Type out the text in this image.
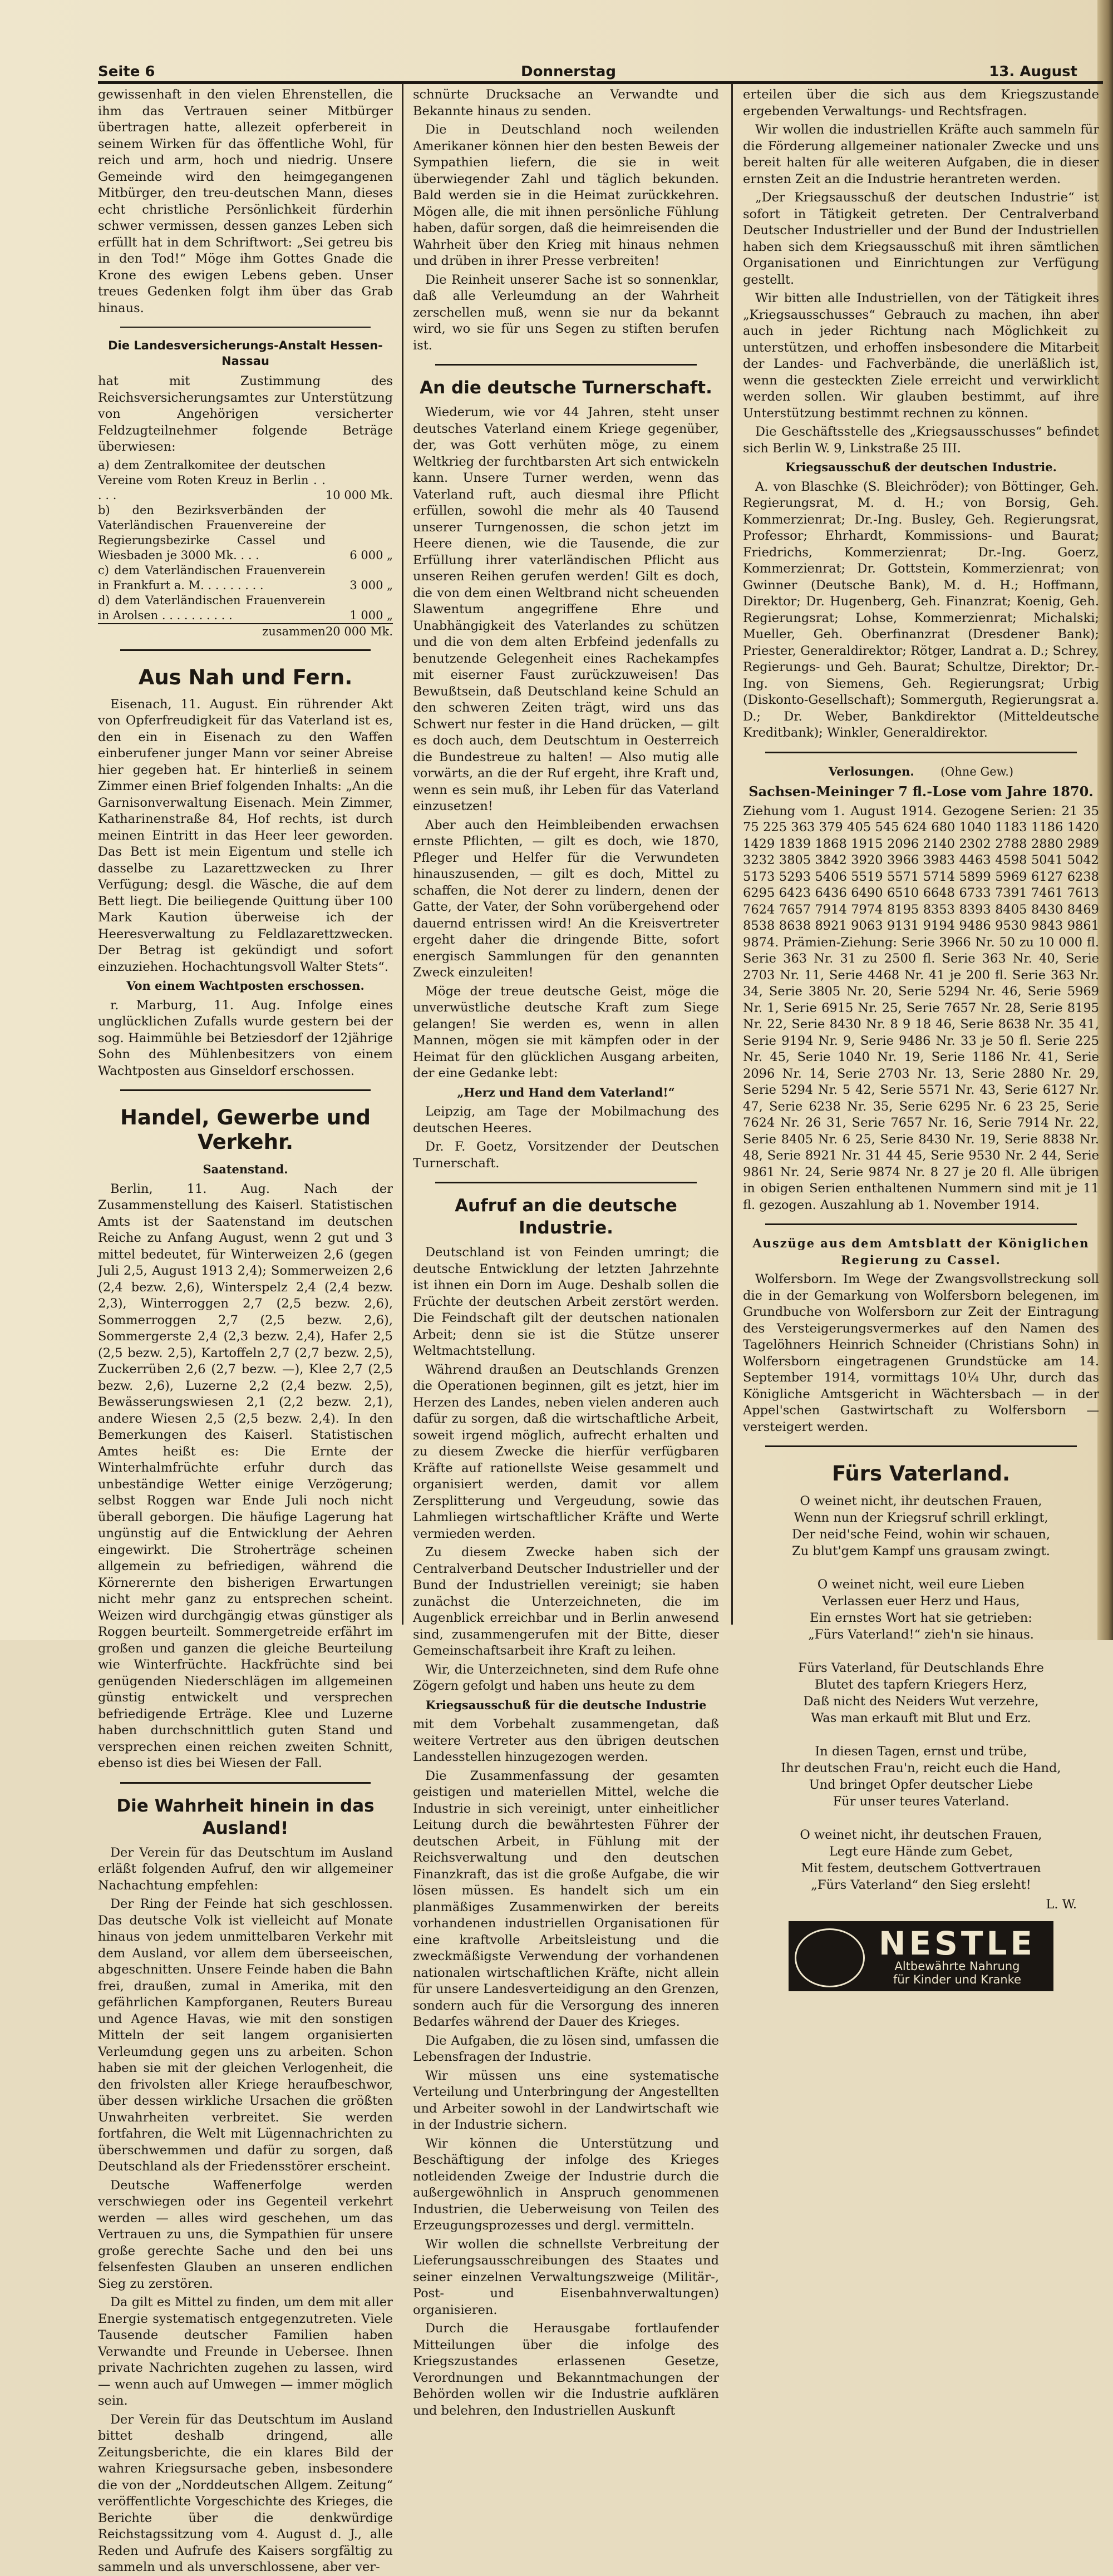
Seite 6	Donnerstag	13. August

gewissenhaft in den vielen Ehrenstellen, die ihm das Vertrauen seiner Mitbürger übertragen hatte, allezeit opferbereit in seinem Wirken für das öffentliche Wohl, für reich und arm, hoch und niedrig. Unsere Gemeinde wird den heimgegangenen Mitbürger, den treu-deutschen Mann, dieses echt christliche Persönlichkeit fürderhin schwer vermissen, dessen ganzes Leben sich erfüllt hat in dem Schriftwort: „Sei getreu bis in den Tod!“ Möge ihm Gottes Gnade die Krone des ewigen Lebens geben. Unser treues Gedenken folgt ihm über das Grab hinaus.

Die Landesversicherungs-Anstalt Hessen-Nassau

hat mit Zustimmung des Reichsversicherungsamtes zur Unterstützung von Angehörigen versicherter Feldzugteilnehmer folgende Beträge überwiesen:

a) dem Zentralkomitee der deutschen Vereine vom Roten Kreuz in Berlin . . . . .	10 000 Mk.
b) den Bezirksverbänden der Vaterländischen Frauenvereine der Regierungsbezirke Cassel und Wiesbaden je 3000 Mk. . . .	6 000 „
c) dem Vaterländischen Frauenverein in Frankfurt a. M. . . . . . . . .	3 000 „
d) dem Vaterländischen Frauenverein in Arolsen . . . . . . . . . .	1 000 „
zusammen	20 000 Mk.
Aus Nah und Fern.

Eisenach, 11. August. Ein rührender Akt von Opferfreudigkeit für das Vaterland ist es, den ein in Eisenach zu den Waffen einberufener junger Mann vor seiner Abreise hier gegeben hat. Er hinterließ in seinem Zimmer einen Brief folgenden Inhalts: „An die Garnisonverwaltung Eisenach. Mein Zimmer, Katharinenstraße 84, Hof rechts, ist durch meinen Eintritt in das Heer leer geworden. Das Bett ist mein Eigentum und stelle ich dasselbe zu Lazarettzwecken zu Ihrer Verfügung; desgl. die Wäsche, die auf dem Bett liegt. Die beiliegende Quittung über 100 Mark Kaution überweise ich der Heeresverwaltung zu Feldlazarettzwecken. Der Betrag ist gekündigt und sofort einzuziehen. Hochachtungsvoll Walter Stets“.

Von einem Wachtposten erschossen.

r. Marburg, 11. Aug. Infolge eines unglücklichen Zufalls wurde gestern bei der sog. Haimmühle bei Betziesdorf der 12jährige Sohn des Mühlenbesitzers von einem Wachtposten aus Ginseldorf erschossen.

Handel, Gewerbe und Verkehr.
Saatenstand.

Berlin, 11. Aug. Nach der Zusammenstellung des Kaiserl. Statistischen Amts ist der Saatenstand im deutschen Reiche zu Anfang August, wenn 2 gut und 3 mittel bedeutet, für Winterweizen 2,6 (gegen Juli 2,5, August 1913 2,4); Sommerweizen 2,6 (2,4 bezw. 2,6), Winterspelz 2,4 (2,4 bezw. 2,3), Winterroggen 2,7 (2,5 bezw. 2,6), Sommerroggen 2,7 (2,5 bezw. 2,6), Sommergerste 2,4 (2,3 bezw. 2,4), Hafer 2,5 (2,5 bezw. 2,5), Kartoffeln 2,7 (2,7 bezw. 2,5), Zuckerrüben 2,6 (2,7 bezw. —), Klee 2,7 (2,5 bezw. 2,6), Luzerne 2,2 (2,4 bezw. 2,5), Bewässerungswiesen 2,1 (2,2 bezw. 2,1), andere Wiesen 2,5 (2,5 bezw. 2,4). In den Bemerkungen des Kaiserl. Statistischen Amtes heißt es: Die Ernte der Winterhalmfrüchte erfuhr durch das unbeständige Wetter einige Verzögerung; selbst Roggen war Ende Juli noch nicht überall geborgen. Die häufige Lagerung hat ungünstig auf die Entwicklung der Aehren eingewirkt. Die Stroherträge scheinen allgemein zu befriedigen, während die Körnerernte den bisherigen Erwartungen nicht mehr ganz zu entsprechen scheint. Weizen wird durchgängig etwas günstiger als Roggen beurteilt. Sommergetreide erfährt im großen und ganzen die gleiche Beurteilung wie Winterfrüchte. Hackfrüchte sind bei genügenden Niederschlägen im allgemeinen günstig entwickelt und versprechen befriedigende Erträge. Klee und Luzerne haben durchschnittlich guten Stand und versprechen einen reichen zweiten Schnitt, ebenso ist dies bei Wiesen der Fall.

Die Wahrheit hinein in das Ausland!

Der Verein für das Deutschtum im Ausland erläßt folgenden Aufruf, den wir allgemeiner Nachachtung empfehlen:

Der Ring der Feinde hat sich geschlossen. Das deutsche Volk ist vielleicht auf Monate hinaus von jedem unmittelbaren Verkehr mit dem Ausland, vor allem dem überseeischen, abgeschnitten. Unsere Feinde haben die Bahn frei, draußen, zumal in Amerika, mit den gefährlichen Kampforganen, Reuters Bureau und Agence Havas, wie mit den sonstigen Mitteln der seit langem organisierten Verleumdung gegen uns zu arbeiten. Schon haben sie mit der gleichen Verlogenheit, die den frivolsten aller Kriege heraufbeschwor, über dessen wirkliche Ursachen die größten Unwahrheiten verbreitet. Sie werden fortfahren, die Welt mit Lügennachrichten zu überschwemmen und dafür zu sorgen, daß Deutschland als der Friedensstörer erscheint.

Deutsche Waffenerfolge werden verschwiegen oder ins Gegenteil verkehrt werden — alles wird geschehen, um das Vertrauen zu uns, die Sympathien für unsere große gerechte Sache und den bei uns felsenfesten Glauben an unseren endlichen Sieg zu zerstören.

Da gilt es Mittel zu finden, um dem mit aller Energie systematisch entgegenzutreten. Viele Tausende deutscher Familien haben Verwandte und Freunde in Uebersee. Ihnen private Nachrichten zugehen zu lassen, wird — wenn auch auf Umwegen — immer möglich sein.

Der Verein für das Deutschtum im Ausland bittet deshalb dringend, alle Zeitungsberichte, die ein klares Bild der wahren Kriegsursache geben, insbesondere die von der „Norddeutschen Allgem. Zeitung“ veröffentlichte Vorgeschichte des Krieges, die Berichte über die denkwürdige Reichstagssitzung vom 4. August d. J., alle Reden und Aufrufe des Kaisers sorgfältig zu sammeln und als unverschlossene, aber ver-

schnürte Drucksache an Verwandte und Bekannte hinaus zu senden.

Die in Deutschland noch weilenden Amerikaner können hier den besten Beweis der Sympathien liefern, die sie in weit überwiegender Zahl und täglich bekunden. Bald werden sie in die Heimat zurückkehren. Mögen alle, die mit ihnen persönliche Fühlung haben, dafür sorgen, daß die heimreisenden die Wahrheit über den Krieg mit hinaus nehmen und drüben in ihrer Presse verbreiten!

Die Reinheit unserer Sache ist so sonnenklar, daß alle Verleumdung an der Wahrheit zerschellen muß, wenn sie nur da bekannt wird, wo sie für uns Segen zu stiften berufen ist.

An die deutsche Turnerschaft.

Wiederum, wie vor 44 Jahren, steht unser deutsches Vaterland einem Kriege gegenüber, der, was Gott verhüten möge, zu einem Weltkrieg der furchtbarsten Art sich entwickeln kann. Unsere Turner werden, wenn das Vaterland ruft, auch diesmal ihre Pflicht erfüllen, sowohl die mehr als 40 Tausend unserer Turngenossen, die schon jetzt im Heere dienen, wie die Tausende, die zur Erfüllung ihrer vaterländischen Pflicht aus unseren Reihen gerufen werden! Gilt es doch, die von dem einen Weltbrand nicht scheuenden Slawentum angegriffene Ehre und Unabhängigkeit des Vaterlandes zu schützen und die von dem alten Erbfeind jedenfalls zu benutzende Gelegenheit eines Rachekampfes mit eiserner Faust zurückzuweisen! Das Bewußtsein, daß Deutschland keine Schuld an den schweren Zeiten trägt, wird uns das Schwert nur fester in die Hand drücken, — gilt es doch auch, dem Deutschtum in Oesterreich die Bundestreue zu halten! — Also mutig alle vorwärts, an die der Ruf ergeht, ihre Kraft und, wenn es sein muß, ihr Leben für das Vaterland einzusetzen!

Aber auch den Heimbleibenden erwachsen ernste Pflichten, — gilt es doch, wie 1870, Pfleger und Helfer für die Verwundeten hinauszusenden, — gilt es doch, Mittel zu schaffen, die Not derer zu lindern, denen der Gatte, der Vater, der Sohn vorübergehend oder dauernd entrissen wird! An die Kreisvertreter ergeht daher die dringende Bitte, sofort energisch Sammlungen für den genannten Zweck einzuleiten!

Möge der treue deutsche Geist, möge die unverwüstliche deutsche Kraft zum Siege gelangen! Sie werden es, wenn in allen Mannen, mögen sie mit kämpfen oder in der Heimat für den glücklichen Ausgang arbeiten, der eine Gedanke lebt:

„Herz und Hand dem Vaterland!“

Leipzig, am Tage der Mobilmachung des deutschen Heeres.

Dr. F. Goetz, Vorsitzender der Deutschen Turnerschaft.

Aufruf an die deutsche Industrie.

Deutschland ist von Feinden umringt; die deutsche Entwicklung der letzten Jahrzehnte ist ihnen ein Dorn im Auge. Deshalb sollen die Früchte der deutschen Arbeit zerstört werden. Die Feindschaft gilt der deutschen nationalen Arbeit; denn sie ist die Stütze unserer Weltmachtstellung.

Während draußen an Deutschlands Grenzen die Operationen beginnen, gilt es jetzt, hier im Herzen des Landes, neben vielen anderen auch dafür zu sorgen, daß die wirtschaftliche Arbeit, soweit irgend möglich, aufrecht erhalten und zu diesem Zwecke die hierfür verfügbaren Kräfte auf rationellste Weise gesammelt und organisiert werden, damit vor allem Zersplitterung und Vergeudung, sowie das Lahmliegen wirtschaftlicher Kräfte und Werte vermieden werden.

Zu diesem Zwecke haben sich der Centralverband Deutscher Industrieller und der Bund der Industriellen vereinigt; sie haben zunächst die Unterzeichneten, die im Augenblick erreichbar und in Berlin anwesend sind, zusammengerufen mit der Bitte, dieser Gemeinschaftsarbeit ihre Kraft zu leihen.

Wir, die Unterzeichneten, sind dem Rufe ohne Zögern gefolgt und haben uns heute zu dem

Kriegsausschuß für die deutsche Industrie

mit dem Vorbehalt zusammengetan, daß weitere Vertreter aus den übrigen deutschen Landesstellen hinzugezogen werden.

Die Zusammenfassung der gesamten geistigen und materiellen Mittel, welche die Industrie in sich vereinigt, unter einheitlicher Leitung durch die bewährtesten Führer der deutschen Arbeit, in Fühlung mit der Reichsverwaltung und den deutschen Finanzkraft, das ist die große Aufgabe, die wir lösen müssen. Es handelt sich um ein planmäßiges Zusammenwirken der bereits vorhandenen industriellen Organisationen für eine kraftvolle Arbeitsleistung und die zweckmäßigste Verwendung der vorhandenen nationalen wirtschaftlichen Kräfte, nicht allein für unsere Landesverteidigung an den Grenzen, sondern auch für die Versorgung des inneren Bedarfes während der Dauer des Krieges.

Die Aufgaben, die zu lösen sind, umfassen die Lebensfragen der Industrie.

Wir müssen uns eine systematische Verteilung und Unterbringung der Angestellten und Arbeiter sowohl in der Landwirtschaft wie in der Industrie sichern.

Wir können die Unterstützung und Beschäftigung der infolge des Krieges notleidenden Zweige der Industrie durch die außergewöhnlich in Anspruch genommenen Industrien, die Ueberweisung von Teilen des Erzeugungsprozesses und dergl. vermitteln.

Wir wollen die schnellste Verbreitung der Lieferungsausschreibungen des Staates und seiner einzelnen Verwaltungszweige (Militär-, Post- und Eisenbahnverwaltungen) organisieren.

Durch die Herausgabe fortlaufender Mitteilungen über die infolge des Kriegszustandes erlassenen Gesetze, Verordnungen und Bekanntmachungen der Behörden wollen wir die Industrie aufklären und belehren, den Industriellen Auskunft

erteilen über die sich aus dem Kriegszustande ergebenden Verwaltungs- und Rechtsfragen.

Wir wollen die industriellen Kräfte auch sammeln für die Förderung allgemeiner nationaler Zwecke und uns bereit halten für alle weiteren Aufgaben, die in dieser ernsten Zeit an die Industrie herantreten werden.

„Der Kriegsausschuß der deutschen Industrie“ ist sofort in Tätigkeit getreten. Der Centralverband Deutscher Industrieller und der Bund der Industriellen haben sich dem Kriegsausschuß mit ihren sämtlichen Organisationen und Einrichtungen zur Verfügung gestellt.

Wir bitten alle Industriellen, von der Tätigkeit ihres „Kriegsausschusses“ Gebrauch zu machen, ihn aber auch in jeder Richtung nach Möglichkeit zu unterstützen, und erhoffen insbesondere die Mitarbeit der Landes- und Fachverbände, die unerläßlich ist, wenn die gesteckten Ziele erreicht und verwirklicht werden sollen. Wir glauben bestimmt, auf ihre Unterstützung bestimmt rechnen zu können.

Die Geschäftsstelle des „Kriegsausschusses“ befindet sich Berlin W. 9, Linkstraße 25 III.

Kriegsausschuß der deutschen Industrie.

A. von Blaschke (S. Bleichröder); von Böttinger, Geh. Regierungsrat, M. d. H.; von Borsig, Geh. Kommerzienrat; Dr.-Ing. Busley, Geh. Regierungsrat, Professor; Ehrhardt, Kommissions- und Baurat; Friedrichs, Kommerzienrat; Dr.-Ing. Goerz, Kommerzienrat; Dr. Gottstein, Kommerzienrat; von Gwinner (Deutsche Bank), M. d. H.; Hoffmann, Direktor; Dr. Hugenberg, Geh. Finanzrat; Koenig, Geh. Regierungsrat; Lohse, Kommerzienrat; Michalski; Mueller, Geh. Oberfinanzrat (Dresdener Bank); Priester, Generaldirektor; Rötger, Landrat a. D.; Schrey, Regierungs- und Geh. Baurat; Schultze, Direktor; Dr.-Ing. von Siemens, Geh. Regierungsrat; Urbig (Diskonto-Gesellschaft); Sommerguth, Regierungsrat a. D.; Dr. Weber, Bankdirektor (Mitteldeutsche Kreditbank); Winkler, Generaldirektor.

Verlosungen. (Ohne Gew.)
Sachsen-Meininger 7 fl.-Lose vom Jahre 1870.

Ziehung vom 1. August 1914. Gezogene Serien: 21 35 75 225 363 379 405 545 624 680 1040 1183 1186 1420 1429 1839 1868 1915 2096 2140 2302 2788 2880 2989 3232 3805 3842 3920 3966 3983 4463 4598 5041 5042 5173 5293 5406 5519 5571 5714 5899 5969 6127 6238 6295 6423 6436 6490 6510 6648 6733 7391 7461 7613 7624 7657 7914 7974 8195 8353 8393 8405 8430 8469 8538 8638 8921 9063 9131 9194 9486 9530 9843 9861 9874. Prämien-Ziehung: Serie 3966 Nr. 50 zu 10 000 fl. Serie 363 Nr. 31 zu 2500 fl. Serie 363 Nr. 40, Serie 2703 Nr. 11, Serie 4468 Nr. 41 je 200 fl. Serie 363 Nr. 34, Serie 3805 Nr. 20, Serie 5294 Nr. 46, Serie 5969 Nr. 1, Serie 6915 Nr. 25, Serie 7657 Nr. 28, Serie 8195 Nr. 22, Serie 8430 Nr. 8 9 18 46, Serie 8638 Nr. 35 41, Serie 9194 Nr. 9, Serie 9486 Nr. 33 je 50 fl. Serie 225 Nr. 45, Serie 1040 Nr. 19, Serie 1186 Nr. 41, Serie 2096 Nr. 14, Serie 2703 Nr. 13, Serie 2880 Nr. 29, Serie 5294 Nr. 5 42, Serie 5571 Nr. 43, Serie 6127 Nr. 47, Serie 6238 Nr. 35, Serie 6295 Nr. 6 23 25, Serie 7624 Nr. 26 31, Serie 7657 Nr. 16, Serie 7914 Nr. 22, Serie 8405 Nr. 6 25, Serie 8430 Nr. 19, Serie 8838 Nr. 48, Serie 8921 Nr. 31 44 45, Serie 9530 Nr. 2 44, Serie 9861 Nr. 24, Serie 9874 Nr. 8 27 je 20 fl. Alle übrigen in obigen Serien enthaltenen Nummern sind mit je 11 fl. gezogen. Auszahlung ab 1. November 1914.

Auszüge aus dem Amtsblatt der Königlichen Regierung zu Cassel.

Wolfersborn. Im Wege der Zwangsvollstreckung soll die in der Gemarkung von Wolfersborn belegenen, im Grundbuche von Wolfersborn zur Zeit der Eintragung des Versteigerungsvermerkes auf den Namen des Tagelöhners Heinrich Schneider (Christians Sohn) in Wolfersborn eingetragenen Grundstücke am 14. September 1914, vormittags 10¼ Uhr, durch das Königliche Amtsgericht in Wächtersbach — in der Appel'schen Gastwirtschaft zu Wolfersborn — versteigert werden.

Fürs Vaterland.

O weinet nicht, ihr deutschen Frauen,

Wenn nun der Kriegsruf schrill erklingt,

Der neid'sche Feind, wohin wir schauen,

Zu blut'gem Kampf uns grausam zwingt.

O weinet nicht, weil eure Lieben

Verlassen euer Herz und Haus,

Ein ernstes Wort hat sie getrieben:

„Fürs Vaterland!“ zieh'n sie hinaus.

Fürs Vaterland, für Deutschlands Ehre

Blutet des tapfern Kriegers Herz,

Daß nicht des Neiders Wut verzehre,

Was man erkauft mit Blut und Erz.

In diesen Tagen, ernst und trübe,

Ihr deutschen Frau'n, reicht euch die Hand,

Und bringet Opfer deutscher Liebe

Für unser teures Vaterland.

O weinet nicht, ihr deutschen Frauen,

Legt eure Hände zum Gebet,

Mit festem, deutschem Gottvertrauen

„Fürs Vaterland“ den Sieg ersleht!

L. W.
NESTLE
Altbewährte Nahrung
für Kinder und Kranke
